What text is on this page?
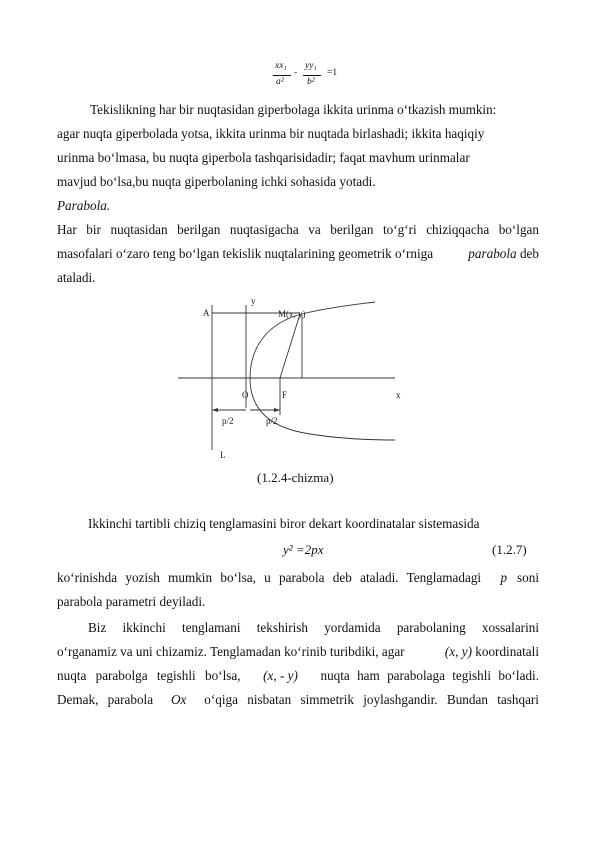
xx₁
a²
-
yy₁
b²
=1
Tekislikning har bir nuqtasidan giperbolaga ikkita urinma o‘tkazish mumkin:
agar nuqta giperbolada yotsa, ikkita urinma bir nuqtada birlashadi; ikkita haqiqiy
urinma bo‘lmasa, bu nuqta giperbola tashqarisidadir; faqat mavhum urinmalar
mavjud bo‘lsa,bu nuqta giperbolaning ichki sohasida yotadi.
Parabola.
Har bir nuqtasidan berilgan nuqtasigacha va berilgan to‘g‘ri chiziqqacha bo‘lgan
masofalari o‘zaro teng bo‘lgan tekislik nuqtalarining geometrik o‘rniga	parabola deb
ataladi.
y
A	M(x, y)
O	F	x
p/2	p/2
L
(1.2.4-chizma)
Ikkinchi tartibli chiziq tenglamasini biror dekart koordinatalar sistemasida
y² =2px	(1.2.7)
ko‘rinishda yozish mumkin bo‘lsa, u parabola deb ataladi. Tenglamadagi p soni
parabola parametri deyiladi.
Biz ikkinchi tenglamani tekshirish yordamida parabolaning xossalarini
o‘rganamiz va uni chizamiz. Tenglamadan ko‘rinib turibdiki, agar	(x, y) koordinatali
nuqta parabolga tegishli bo‘lsa, (x, - y) nuqta ham parabolaga tegishli bo‘ladi.
Demak, parabola Ox o‘qiga nisbatan simmetrik joylashgandir. Bundan tashqari
